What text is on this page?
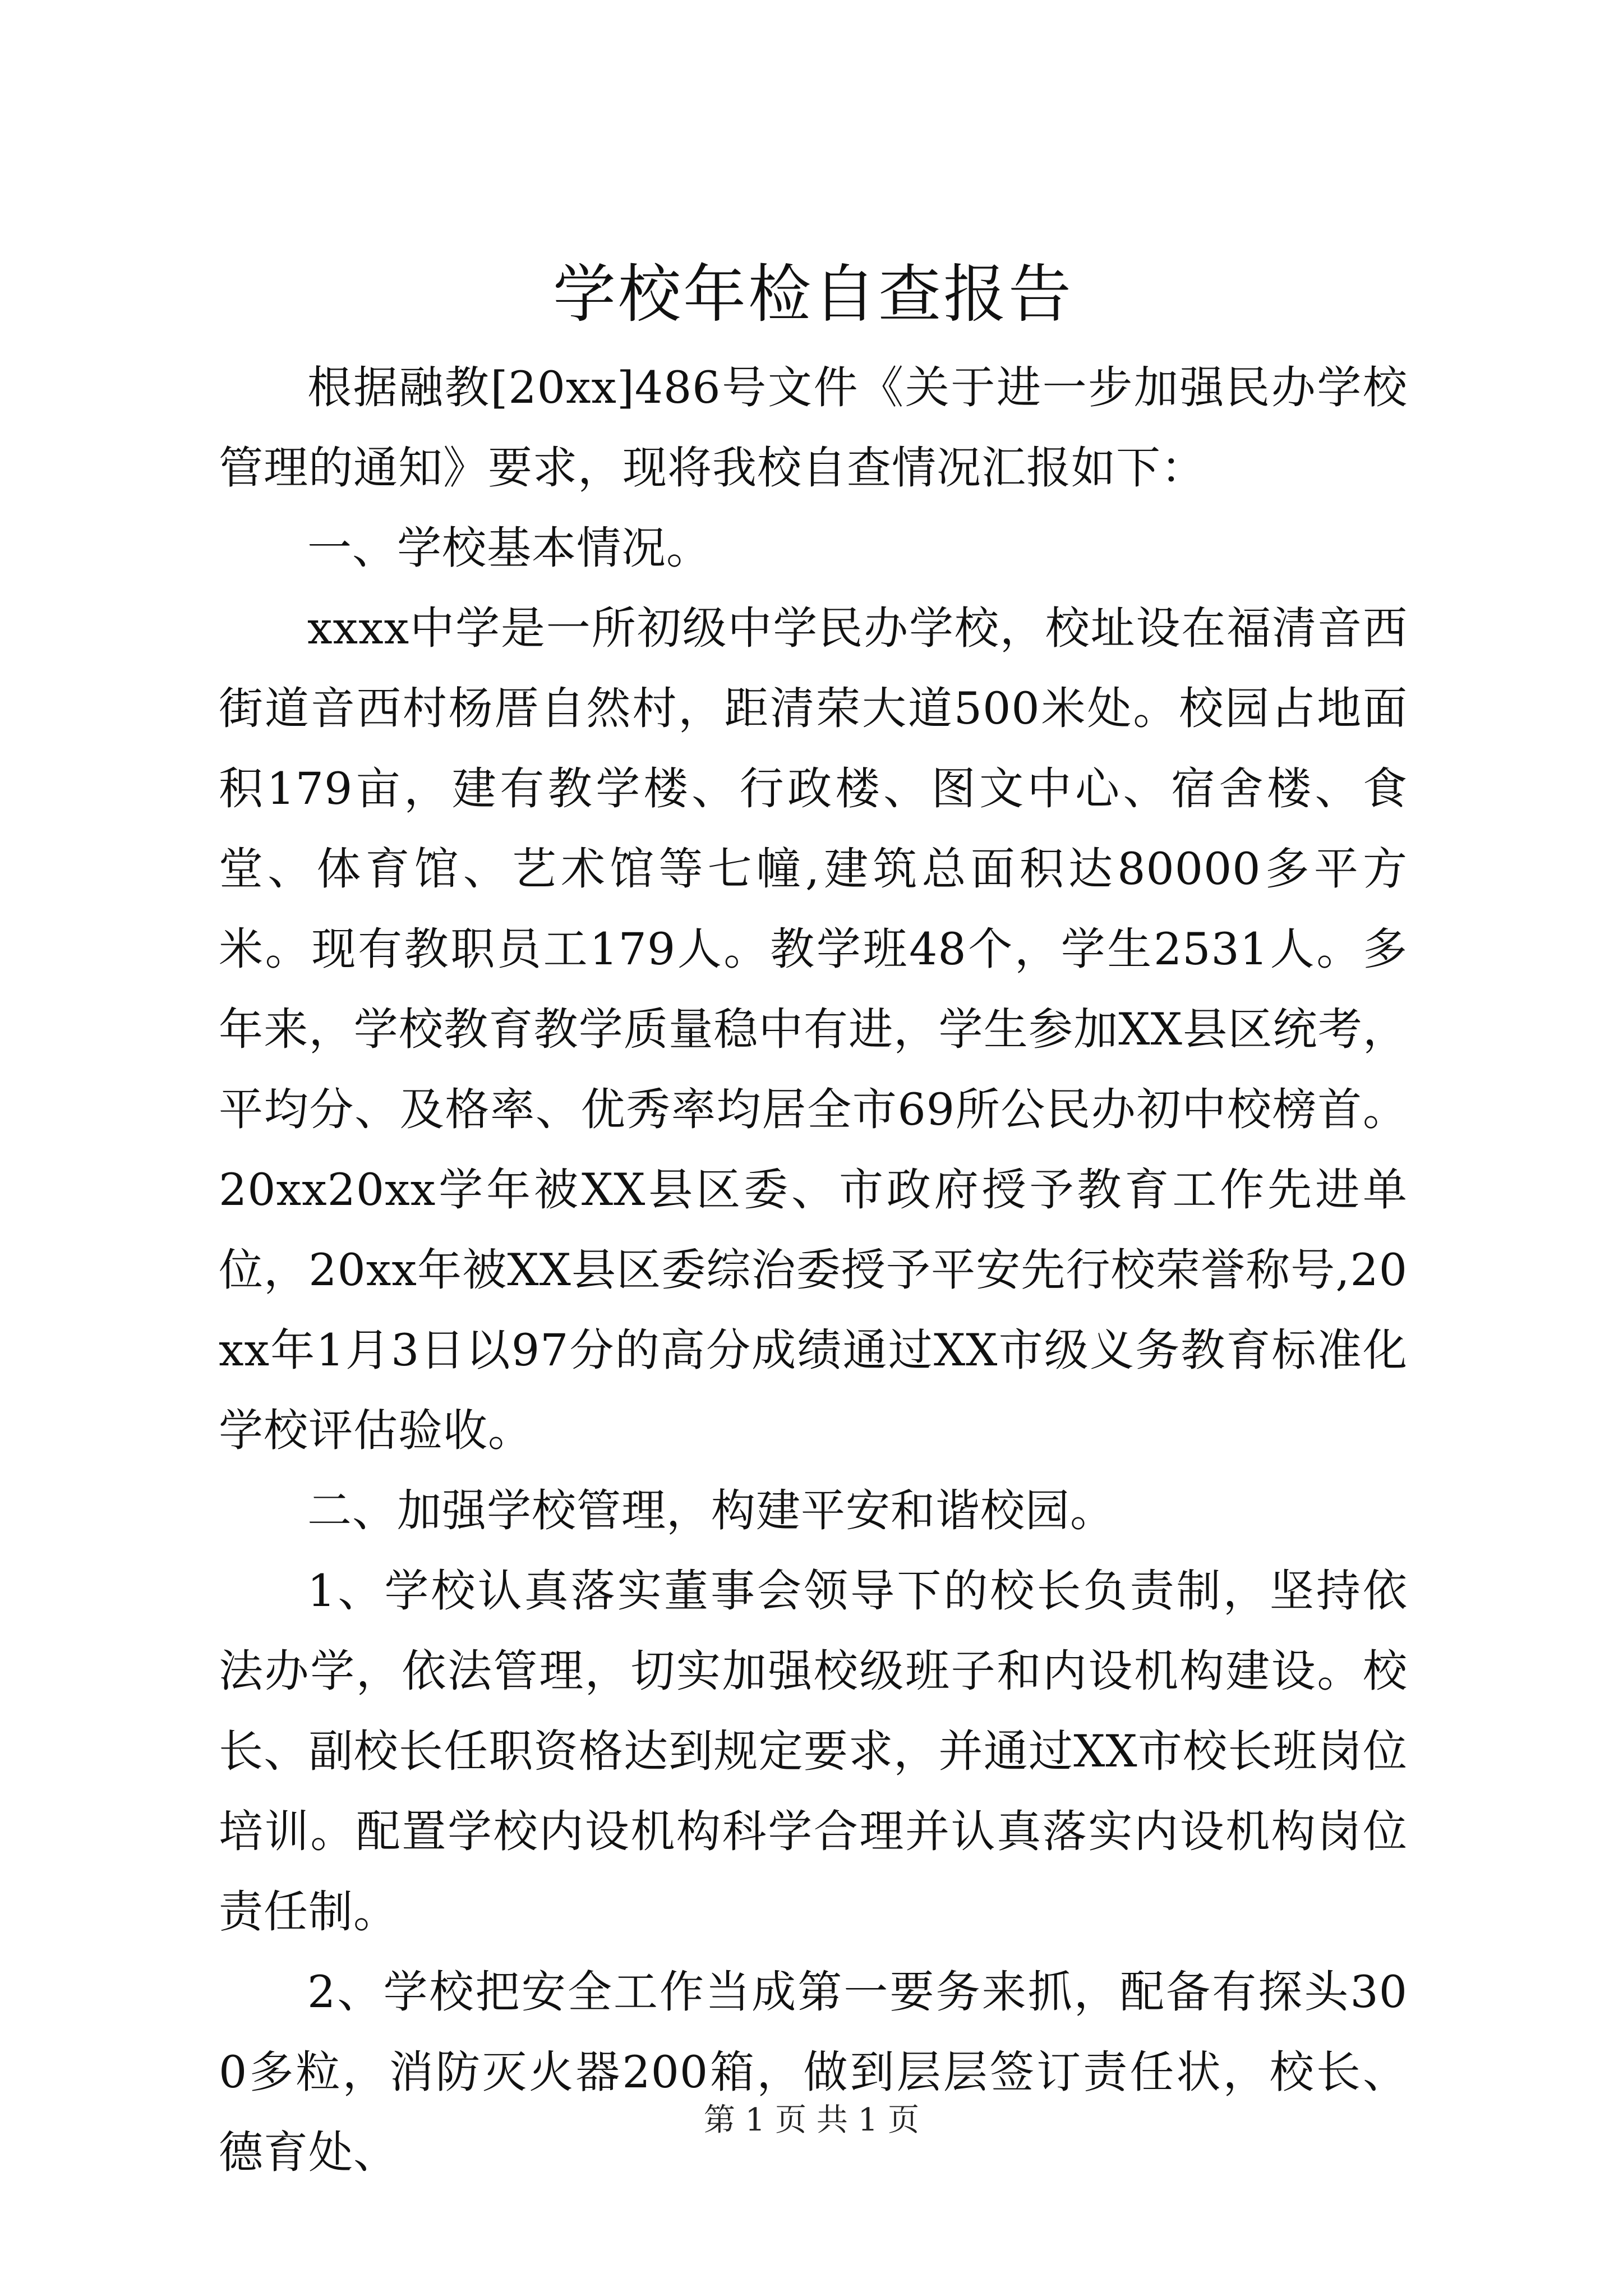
学校年检自查报告

根据融教[20xx]486号文件《关于进一步加强民办学校管理的通知》要求，现将我校自查情况汇报如下：

一、学校基本情况。

xxxx中学是一所初级中学民办学校，校址设在福清音西街道音西村杨厝自然村，距清荣大道500米处。校园占地面积179亩，建有教学楼、行政楼、图文中心、宿舍楼、食堂、体育馆、艺术馆等七幢,建筑总面积达80000多平方米。现有教职员工179人。教学班48个，学生2531人。多年来，学校教育教学质量稳中有进，学生参加XX县区统考，平均分、及格率、优秀率均居全市69所公民办初中校榜首。20xx20xx学年被XX县区委、市政府授予教育工作先进单位，20xx年被XX县区委综治委授予平安先行校荣誉称号,20xx年1月3日以97分的高分成绩通过XX市级义务教育标准化学校评估验收。

二、加强学校管理，构建平安和谐校园。

1、学校认真落实董事会领导下的校长负责制，坚持依法办学，依法管理，切实加强校级班子和内设机构建设。校长、副校长任职资格达到规定要求，并通过XX市校长班岗位培训。配置学校内设机构科学合理并认真落实内设机构岗位责任制。

2、学校把安全工作当成第一要务来抓，配备有探头300多粒，消防灭火器200箱，做到层层签订责任状，校长、德育处、

第 1 页 共 1 页
